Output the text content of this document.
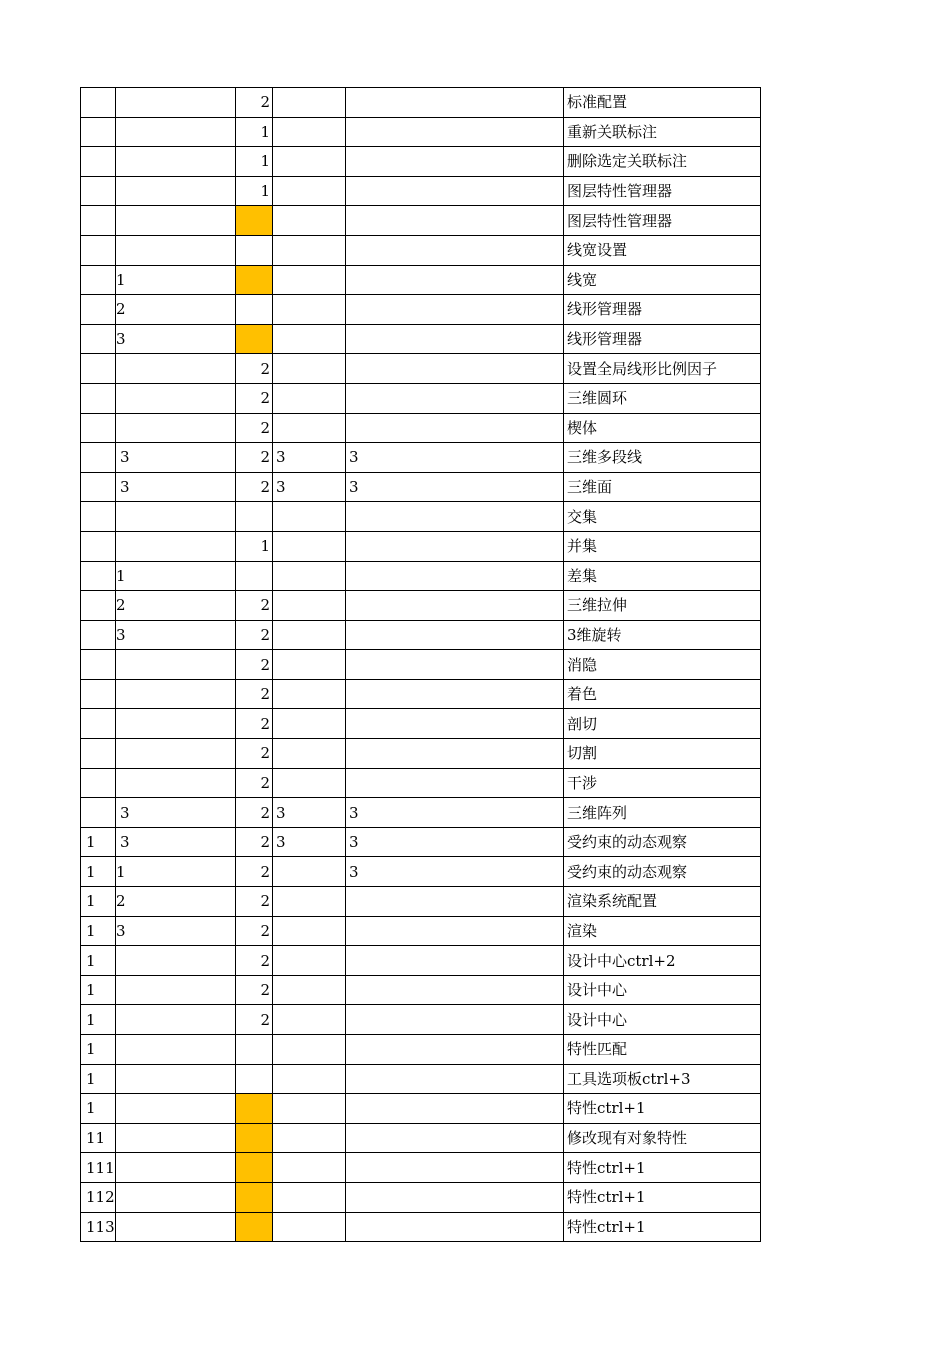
		2			标准配置
		1			重新关联标注
		1			删除选定关联标注
		1			图层特性管理器
					图层特性管理器
					线宽设置
	1				线宽
	2				线形管理器
	3				线形管理器
		2			设置全局线形比例因子
		2			三维圆环
		2			楔体
	3	2	3	3	三维多段线
	3	2	3	3	三维面
					交集
		1			并集
	1				差集
	2	2			三维拉伸
	3	2			3维旋转
		2			消隐
		2			着色
		2			剖切
		2			切割
		2			干涉
	3	2	3	3	三维阵列
1	3	2	3	3	受约束的动态观察
1	1	2		3	受约束的动态观察
1	2	2			渲染系统配置
1	3	2			渲染
1		2			设计中心ctrl+2
1		2			设计中心
1		2			设计中心
1					特性匹配
1					工具选项板ctrl+3
1					特性ctrl+1
11					修改现有对象特性
111					特性ctrl+1
112					特性ctrl+1
113					特性ctrl+1
